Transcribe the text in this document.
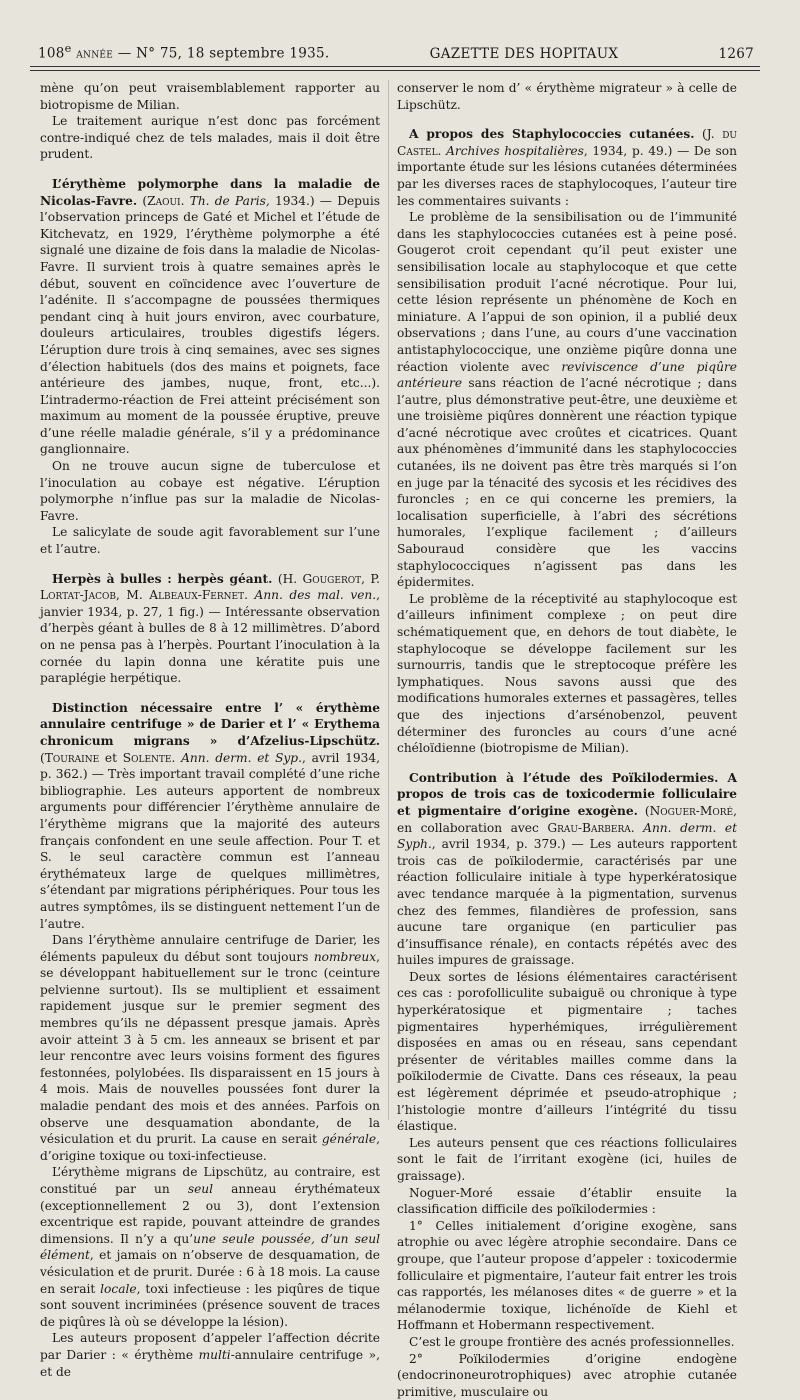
108e année — N° 75, 18 septembre 1935.	GAZETTE DES HOPITAUX	1267

mène qu’on peut vraisemblablement rapporter au biotropisme de Milian.

Le traitement aurique n’est donc pas forcément contre-indiqué chez de tels malades, mais il doit être prudent.

L’érythème polymorphe dans la maladie de Nicolas-Favre. (Zaoui. Th. de Paris, 1934.) — Depuis l’observation princeps de Gaté et Michel et l’étude de Kitchevatz, en 1929, l’érythème polymorphe a été signalé une dizaine de fois dans la maladie de Nicolas-Favre. Il survient trois à quatre semaines après le début, souvent en coïncidence avec l’ouverture de l’adénite. Il s’accompagne de poussées thermiques pendant cinq à huit jours environ, avec courbature, douleurs articulaires, troubles digestifs légers. L’éruption dure trois à cinq semaines, avec ses signes d’élection habituels (dos des mains et poignets, face antérieure des jambes, nuque, front, etc...). L’intradermo-réaction de Frei atteint précisément son maximum au moment de la poussée éruptive, preuve d’une réelle maladie générale, s’il y a prédominance ganglionnaire.

On ne trouve aucun signe de tuberculose et l’inoculation au cobaye est négative. L’éruption polymorphe n’influe pas sur la maladie de Nicolas-Favre.

Le salicylate de soude agit favorablement sur l’une et l’autre.

Herpès à bulles : herpès géant. (H. Gougerot, P. Lortat-Jacob, M. Albeaux-Fernet. Ann. des mal. ven., janvier 1934, p. 27, 1 fig.) — Intéressante observation d’herpès géant à bulles de 8 à 12 millimètres. D’abord on ne pensa pas à l’herpès. Pourtant l’inoculation à la cornée du lapin donna une kératite puis une paraplégie herpétique.

Distinction nécessaire entre l’ « érythème annulaire centrifuge » de Darier et l’ « Erythema chronicum migrans » d’Afzelius-Lipschütz. (Touraine et Solente. Ann. derm. et Syp., avril 1934, p. 362.) — Très important travail complété d’une riche bibliographie. Les auteurs apportent de nombreux arguments pour différencier l’érythème annulaire de l’érythème migrans que la majorité des auteurs français confondent en une seule affection. Pour T. et S. le seul caractère commun est l’anneau érythémateux large de quelques millimètres, s’étendant par migrations périphériques. Pour tous les autres symptômes, ils se distinguent nettement l’un de l’autre.

Dans l’érythème annulaire centrifuge de Darier, les éléments papuleux du début sont toujours nombreux, se développant habituellement sur le tronc (ceinture pelvienne surtout). Ils se multiplient et essaiment rapidement jusque sur le premier segment des membres qu’ils ne dépassent presque jamais. Après avoir atteint 3 à 5 cm. les anneaux se brisent et par leur rencontre avec leurs voisins forment des figures festonnées, polylobées. Ils disparaissent en 15 jours à 4 mois. Mais de nouvelles poussées font durer la maladie pendant des mois et des années. Parfois on observe une desquamation abondante, de la vésiculation et du prurit. La cause en serait générale, d’origine toxique ou toxi-infectieuse.

L’érythème migrans de Lipschütz, au contraire, est constitué par un seul anneau érythémateux (exceptionnellement 2 ou 3), dont l’extension excentrique est rapide, pouvant atteindre de grandes dimensions. Il n’y a qu’une seule poussée, d’un seul élément, et jamais on n’observe de desquamation, de vésiculation et de prurit. Durée : 6 à 18 mois. La cause en serait locale, toxi infectieuse : les piqûres de tique sont souvent incriminées (présence souvent de traces de piqûres là où se développe la lésion).

Les auteurs proposent d’appeler l’affection décrite par Darier : « érythème multi-annulaire centrifuge », et de

conserver le nom d’ « érythème migrateur » à celle de Lipschütz.

A propos des Staphylococcies cutanées. (J. du Castel. Archives hospitalières, 1934, p. 49.) — De son importante étude sur les lésions cutanées déterminées par les diverses races de staphylocoques, l’auteur tire les commentaires suivants :

Le problème de la sensibilisation ou de l’immunité dans les staphylococcies cutanées est à peine posé. Gougerot croit cependant qu’il peut exister une sensibilisation locale au staphylocoque et que cette sensibilisation produit l’acné nécrotique. Pour lui, cette lésion représente un phénomène de Koch en miniature. A l’appui de son opinion, il a publié deux observations ; dans l’une, au cours d’une vaccination antistaphylococcique, une onzième piqûre donna une réaction violente avec reviviscence d’une piqûre antérieure sans réaction de l’acné nécrotique ; dans l’autre, plus démonstrative peut-être, une deuxième et une troisième piqûres donnèrent une réaction typique d’acné nécrotique avec croûtes et cicatrices. Quant aux phénomènes d’immunité dans les staphylococcies cutanées, ils ne doivent pas être très marqués si l’on en juge par la ténacité des sycosis et les récidives des furoncles ; en ce qui concerne les premiers, la localisation superficielle, à l’abri des sécrétions humorales, l’explique facilement ; d’ailleurs Sabouraud considère que les vaccins staphylococciques n’agissent pas dans les épidermites.

Le problème de la réceptivité au staphylocoque est d’ailleurs infiniment complexe ; on peut dire schématiquement que, en dehors de tout diabète, le staphylocoque se développe facilement sur les surnourris, tandis que le streptocoque préfère les lymphatiques. Nous savons aussi que des modifications humorales externes et passagères, telles que des injections d’arsénobenzol, peuvent déterminer des furoncles au cours d’une acné chéloïdienne (biotropisme de Milian).

Contribution à l’étude des Poïkilodermies. A propos de trois cas de toxicodermie folliculaire et pigmentaire d’origine exogène. (Noguer-Moré, en collaboration avec Grau-Barbera. Ann. derm. et Syph., avril 1934, p. 379.) — Les auteurs rapportent trois cas de poïkilodermie, caractérisés par une réaction folliculaire initiale à type hyperkératosique avec tendance marquée à la pigmentation, survenus chez des femmes, filandières de profession, sans aucune tare organique (en particulier pas d’insuffisance rénale), en contacts répétés avec des huiles impures de graissage.

Deux sortes de lésions élémentaires caractérisent ces cas : porofolliculite subaiguë ou chronique à type hyperkératosique et pigmentaire ; taches pigmentaires hyperhémiques, irrégulièrement disposées en amas ou en réseau, sans cependant présenter de véritables mailles comme dans la poïkilodermie de Civatte. Dans ces réseaux, la peau est légèrement déprimée et pseudo-atrophique ; l’histologie montre d’ailleurs l’intégrité du tissu élastique.

Les auteurs pensent que ces réactions folliculaires sont le fait de l’irritant exogène (ici, huiles de graissage).

Noguer-Moré essaie d’établir ensuite la classification difficile des poïkilodermies :

1° Celles initialement d’origine exogène, sans atrophie ou avec légère atrophie secondaire. Dans ce groupe, que l’auteur propose d’appeler : toxicodermie folliculaire et pigmentaire, l’auteur fait entrer les trois cas rapportés, les mélanoses dites « de guerre » et la mélanodermie toxique, lichénoïde de Kiehl et Hoffmann et Hobermann respectivement.

C’est le groupe frontière des acnés professionnelles.

2° Poïkilodermies d’origine endogène (endocrinoneurotrophiques) avec atrophie cutanée primitive, musculaire ou
